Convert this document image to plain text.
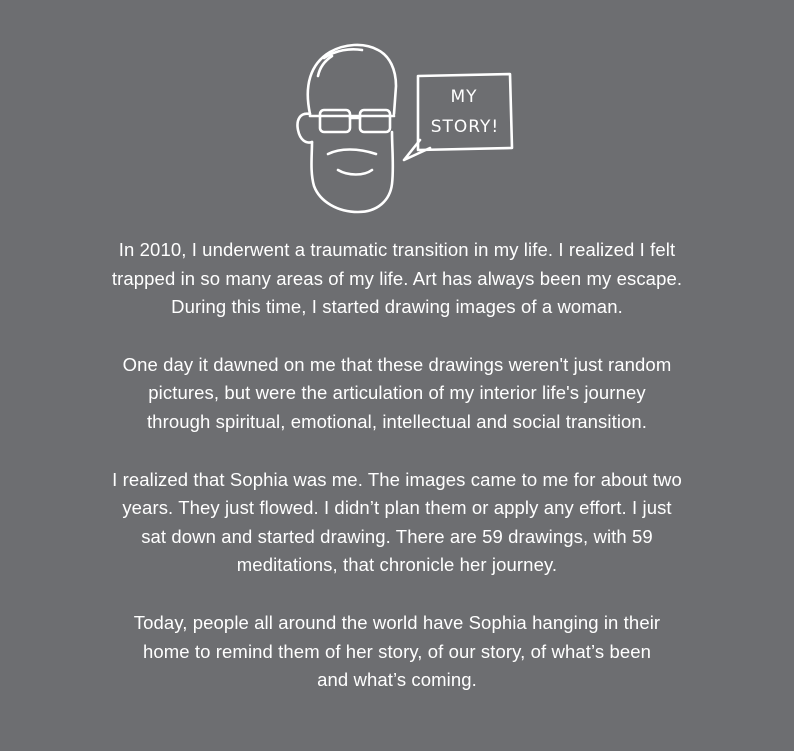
MY
STORY!

In 2010, I underwent a traumatic transition in my life. I realized I felt
trapped in so many areas of my life. Art has always been my escape.
During this time, I started drawing images of a woman.

One day it dawned on me that these drawings weren't just random
pictures, but were the articulation of my interior life's journey
through spiritual, emotional, intellectual and social transition.

I realized that Sophia was me. The images came to me for about two
years. They just flowed. I didn’t plan them or apply any effort. I just
sat down and started drawing. There are 59 drawings, with 59
meditations, that chronicle her journey.

Today, people all around the world have Sophia hanging in their
home to remind them of her story, of our story, of what’s been
and what’s coming.
